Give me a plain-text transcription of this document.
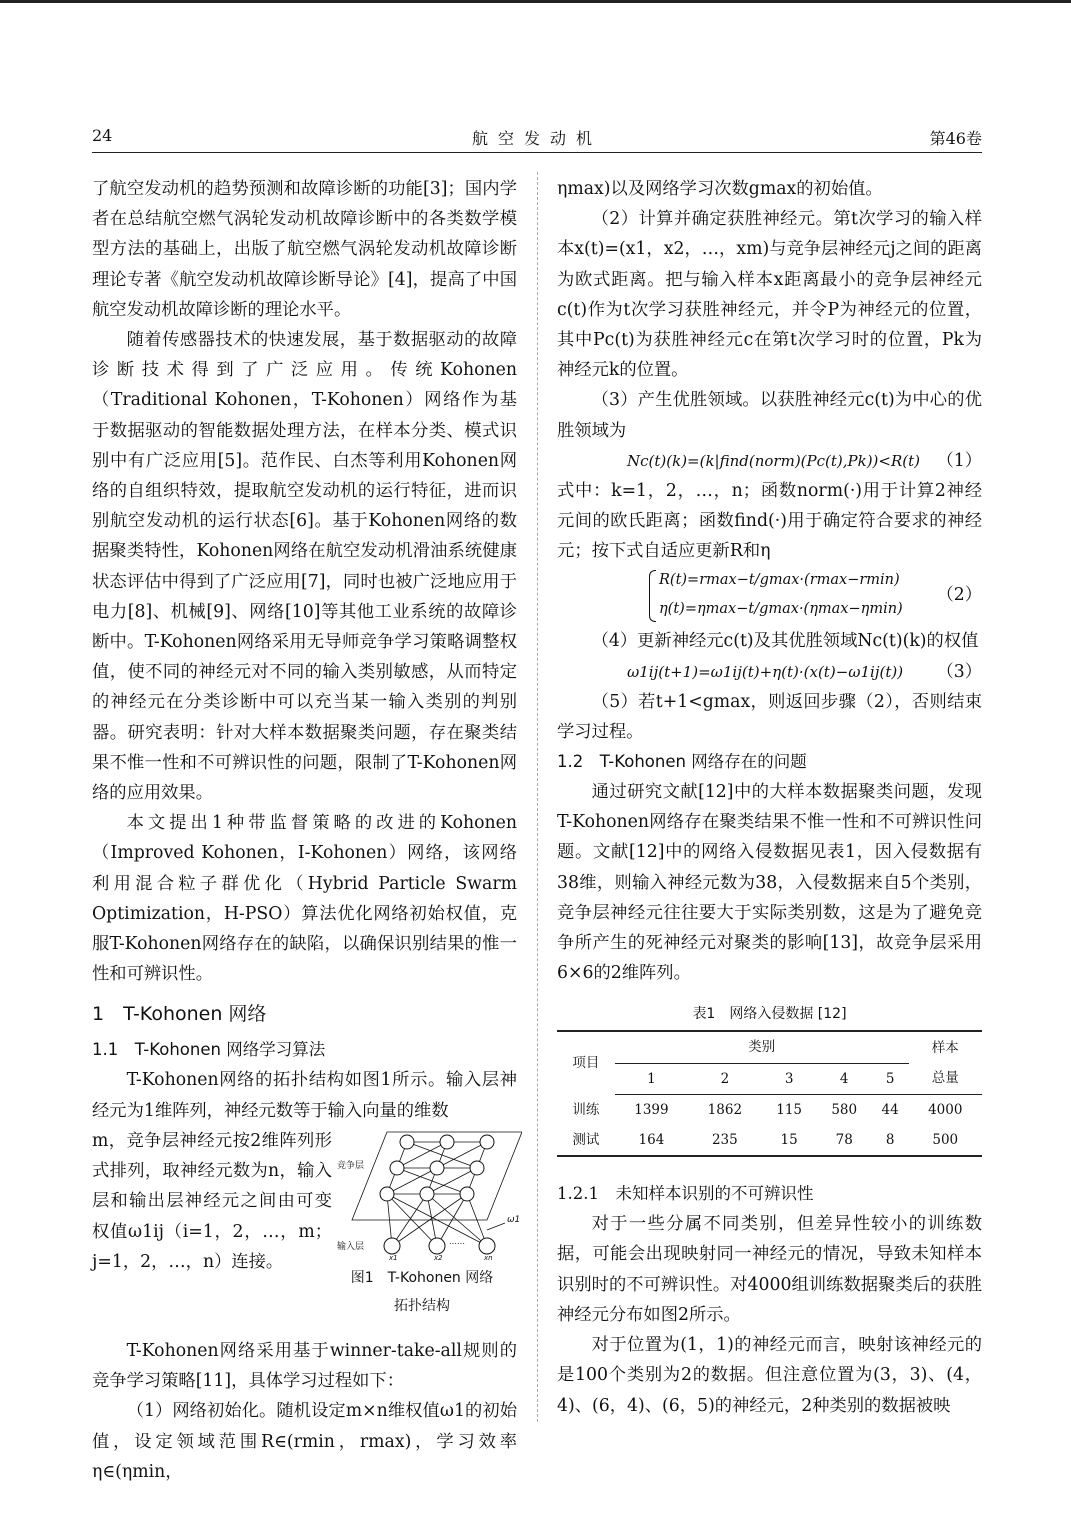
24	航空发动机	第46卷

了航空发动机的趋势预测和故障诊断的功能[3]；国内学者在总结航空燃气涡轮发动机故障诊断中的各类数学模型方法的基础上，出版了航空燃气涡轮发动机故障诊断理论专著《航空发动机故障诊断导论》[4]，提高了中国航空发动机故障诊断的理论水平。

随着传感器技术的快速发展，基于数据驱动的故障诊断技术得到了广泛应用。传统Kohonen（Traditional Kohonen，T-Kohonen）网络作为基于数据驱动的智能数据处理方法，在样本分类、模式识别中有广泛应用[5]。范作民、白杰等利用Kohonen网络的自组织特效，提取航空发动机的运行特征，进而识别航空发动机的运行状态[6]。基于Kohonen网络的数据聚类特性，Kohonen网络在航空发动机滑油系统健康状态评估中得到了广泛应用[7]，同时也被广泛地应用于电力[8]、机械[9]、网络[10]等其他工业系统的故障诊断中。T-Kohonen网络采用无导师竞争学习策略调整权值，使不同的神经元对不同的输入类别敏感，从而特定的神经元在分类诊断中可以充当某一输入类别的判别器。研究表明：针对大样本数据聚类问题，存在聚类结果不惟一性和不可辨识性的问题，限制了T-Kohonen网络的应用效果。

本文提出1种带监督策略的改进的Kohonen（Improved Kohonen，I-Kohonen）网络，该网络利用混合粒子群优化（Hybrid Particle Swarm Optimization，H-PSO）算法优化网络初始权值，克服T-Kohonen网络存在的缺陷，以确保识别结果的惟一性和可辨识性。

1　T-Kohonen 网络
1.1　T-Kohonen 网络学习算法

T-Kohonen网络的拓扑结构如图1所示。输入层神经元为1维阵列，神经元数等于输入向量的维数

m，竞争层神经元按2维阵列形式排列，取神经元数为n，输入层和输出层神经元之间由可变权值ω1ij（i=1，2，…，m；j=1，2，…，n）连接。

竞争层
输入层
ω1
x1	x2	xn
……
图1　T-Kohonen 网络
拓扑结构

T-Kohonen网络采用基于winner-take-all规则的竞争学习策略[11]，具体学习过程如下：

（1）网络初始化。随机设定m×n维权值ω1的初始值，设定领域范围R∈(rmin，rmax)，学习效率η∈(ηmin，

ηmax)以及网络学习次数gmax的初始值。

（2）计算并确定获胜神经元。第t次学习的输入样本x(t)=(x1，x2，…，xm)与竞争层神经元j之间的距离为欧式距离。把与输入样本x距离最小的竞争层神经元c(t)作为t次学习获胜神经元，并令P为神经元的位置，其中Pc(t)为获胜神经元c在第t次学习时的位置，Pk为神经元k的位置。

（3）产生优胜领域。以获胜神经元c(t)为中心的优胜领域为

Nc(t)(k)=(k|find(norm)(Pc(t),Pk))<R(t) （1）

式中：k=1，2，…，n；函数norm(·)用于计算2神经元间的欧氏距离；函数find(·)用于确定符合要求的神经元；按下式自适应更新R和η

R(t)=rmax−t/gmax·(rmax−rmin)
η(t)=ηmax−t/gmax·(ηmax−ηmin)
（2）

（4）更新神经元c(t)及其优胜领域Nc(t)(k)的权值

ω1ij(t+1)=ω1ij(t)+η(t)·(x(t)−ω1ij(t)) （3）

（5）若t+1<gmax，则返回步骤（2），否则结束学习过程。

1.2　T-Kohonen 网络存在的问题

通过研究文献[12]中的大样本数据聚类问题，发现T-Kohonen网络存在聚类结果不惟一性和不可辨识性问题。文献[12]中的网络入侵数据见表1，因入侵数据有38维，则输入神经元数为38，入侵数据来自5个类别，竞争层神经元往往要大于实际类别数，这是为了避免竞争所产生的死神经元对聚类的影响[13]，故竞争层采用6×6的2维阵列。

表1　网络入侵数据 [12]
项目	类别					样本
	1	2	3	4	5	总量
训练	1399	1862	115	580	44	4000
测试	164	235	15	78	8	500
1.2.1　未知样本识别的不可辨识性

对于一些分属不同类别，但差异性较小的训练数据，可能会出现映射同一神经元的情况，导致未知样本识别时的不可辨识性。对4000组训练数据聚类后的获胜神经元分布如图2所示。

对于位置为(1，1)的神经元而言，映射该神经元的是100个类别为2的数据。但注意位置为(3，3)、(4，4)、(6，4)、(6，5)的神经元，2种类别的数据被映
